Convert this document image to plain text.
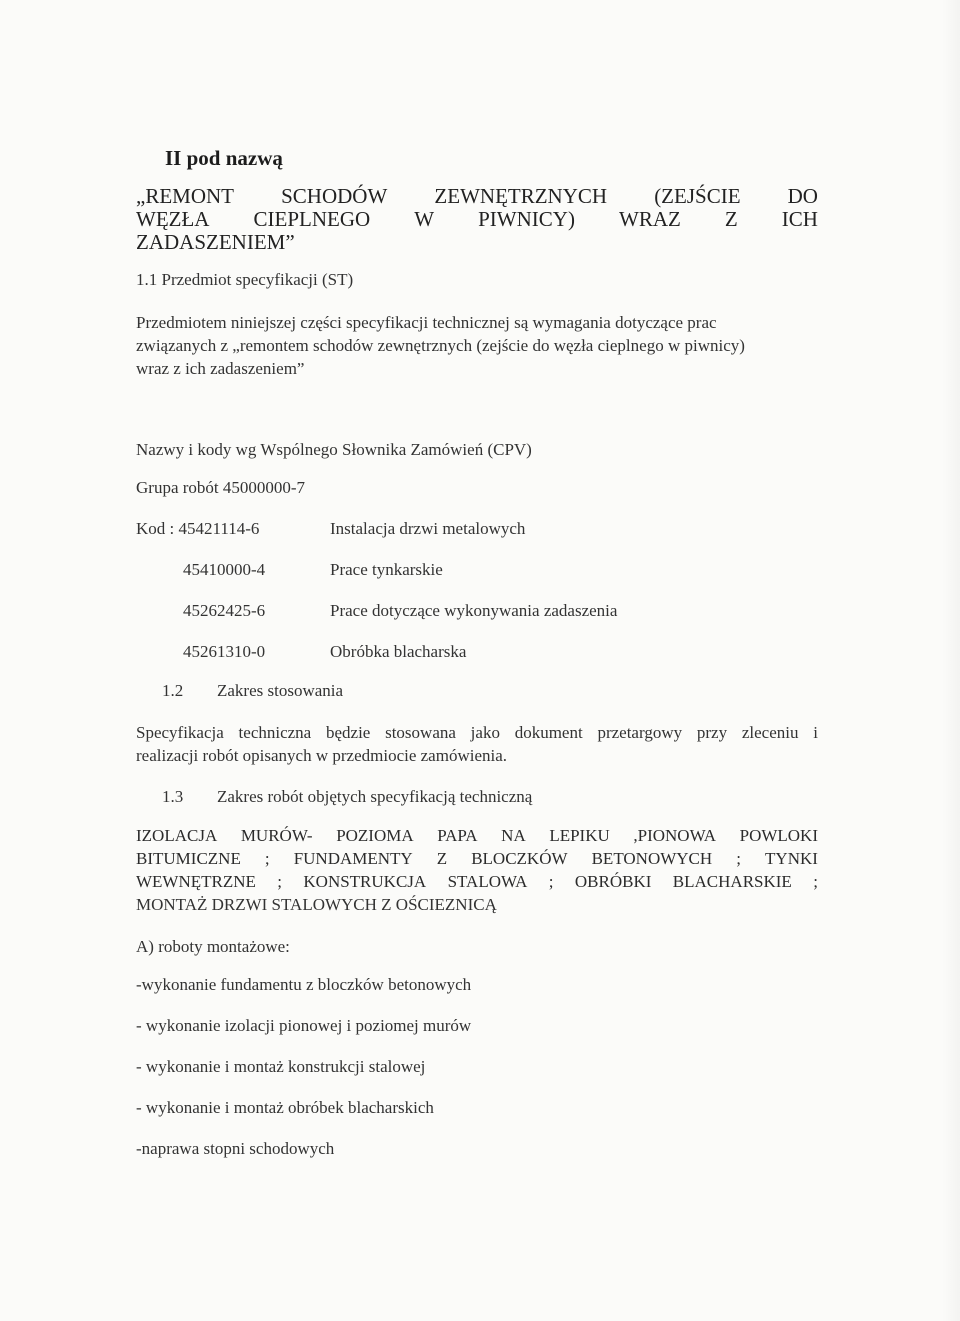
II pod nazwą
„REMONT SCHODÓW ZEWNĘTRZNYCH (ZEJŚCIE DO
WĘZŁA CIEPLNEGO W PIWNICY) WRAZ Z ICH
ZADASZENIEM”
1.1 Przedmiot specyfikacji (ST)
Przedmiotem niniejszej części specyfikacji technicznej są wymagania dotyczące prac
związanych z „remontem schodów zewnętrznych (zejście do węzła cieplnego w piwnicy)
wraz z ich zadaszeniem”
Nazwy i kody wg Wspólnego Słownika Zamówień (CPV)
Grupa robót 45000000-7
Kod : 45421114-6	Instalacja drzwi metalowych
45410000-4	Prace tynkarskie
45262425-6	Prace dotyczące wykonywania zadaszenia
45261310-0	Obróbka blacharska
1.2 Zakres stosowania
Specyfikacja techniczna będzie stosowana jako dokument przetargowy przy zleceniu i
realizacji robót opisanych w przedmiocie zamówienia.
1.3 Zakres robót objętych specyfikacją techniczną
IZOLACJA MURÓW- POZIOMA PAPA NA LEPIKU ,PIONOWA POWLOKI
BITUMICZNE ; FUNDAMENTY Z BLOCZKÓW BETONOWYCH ; TYNKI
WEWNĘTRZNE ; KONSTRUKCJA STALOWA ; OBRÓBKI BLACHARSKIE ;
MONTAŻ DRZWI STALOWYCH Z OŚCIEZNICĄ
A) roboty montażowe:
-wykonanie fundamentu z bloczków betonowych
- wykonanie izolacji pionowej i poziomej murów
- wykonanie i montaż konstrukcji stalowej
- wykonanie i montaż obróbek blacharskich
-naprawa stopni schodowych
